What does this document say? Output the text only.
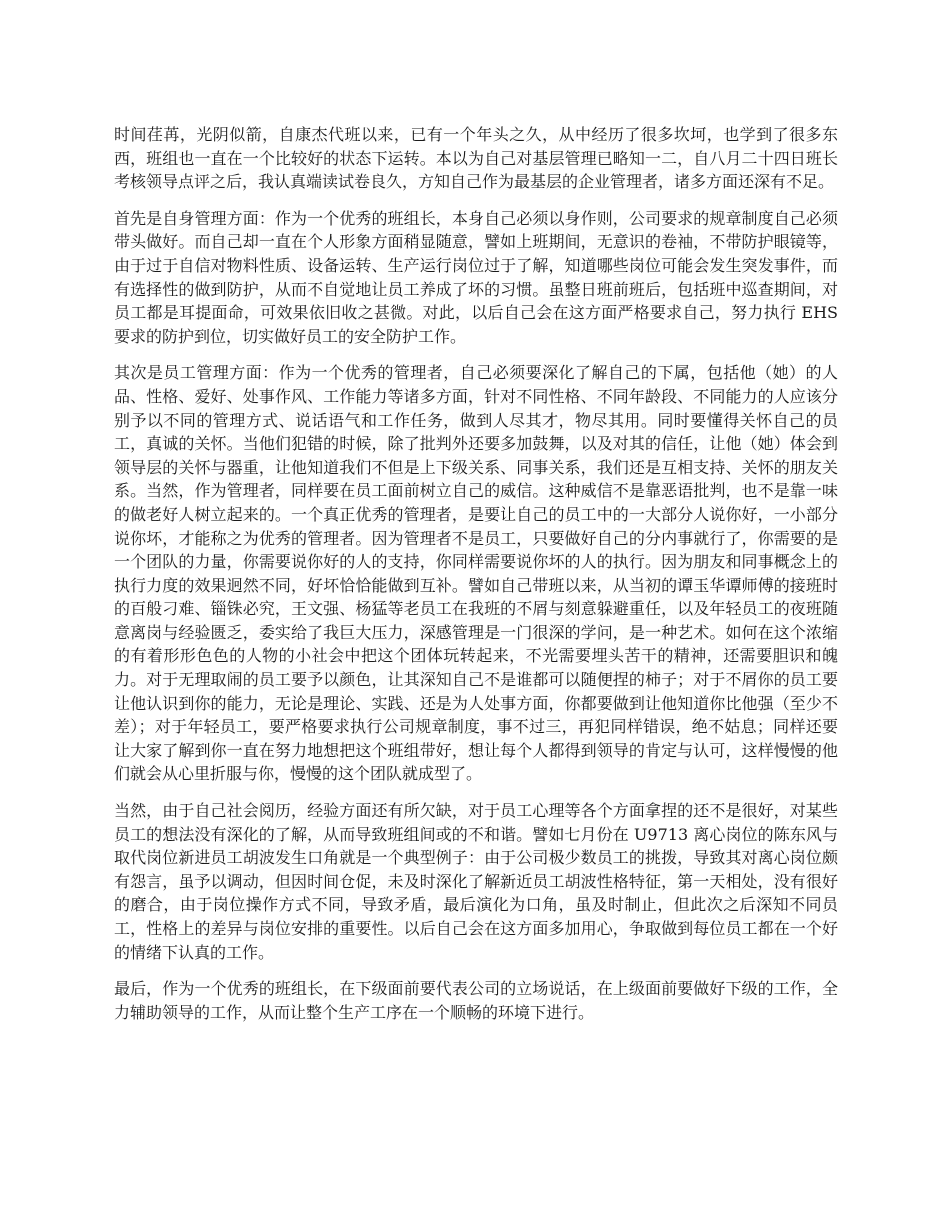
时间荏苒，光阴似箭，自康杰代班以来，已有一个年头之久，从中经历了很多坎坷，也学到了很多东西，班组也一直在一个比较好的状态下运转。本以为自己对基层管理已略知一二，自八月二十四日班长考核领导点评之后，我认真端读试卷良久，方知自己作为最基层的企业管理者，诸多方面还深有不足。

首先是自身管理方面：作为一个优秀的班组长，本身自己必须以身作则，公司要求的规章制度自己必须带头做好。而自己却一直在个人形象方面稍显随意，譬如上班期间，无意识的卷袖，不带防护眼镜等，由于过于自信对物料性质、设备运转、生产运行岗位过于了解，知道哪些岗位可能会发生突发事件，而有选择性的做到防护，从而不自觉地让员工养成了坏的习惯。虽整日班前班后，包括班中巡查期间，对员工都是耳提面命，可效果依旧收之甚微。对此，以后自己会在这方面严格要求自己，努力执行 EHS 要求的防护到位，切实做好员工的安全防护工作。

其次是员工管理方面：作为一个优秀的管理者，自己必须要深化了解自己的下属，包括他（她）的人品、性格、爱好、处事作风、工作能力等诸多方面，针对不同性格、不同年龄段、不同能力的人应该分别予以不同的管理方式、说话语气和工作任务，做到人尽其才，物尽其用。同时要懂得关怀自己的员工，真诚的关怀。当他们犯错的时候，除了批判外还要多加鼓舞，以及对其的信任，让他（她）体会到领导层的关怀与器重，让他知道我们不但是上下级关系、同事关系，我们还是互相支持、关怀的朋友关系。当然，作为管理者，同样要在员工面前树立自己的威信。这种威信不是靠恶语批判，也不是靠一味的做老好人树立起来的。一个真正优秀的管理者，是要让自己的员工中的一大部分人说你好，一小部分说你坏，才能称之为优秀的管理者。因为管理者不是员工，只要做好自己的分内事就行了，你需要的是一个团队的力量，你需要说你好的人的支持，你同样需要说你坏的人的执行。因为朋友和同事概念上的执行力度的效果迥然不同，好坏恰恰能做到互补。譬如自己带班以来，从当初的谭玉华谭师傅的接班时的百般刁难、锱铢必究，王文强、杨猛等老员工在我班的不屑与刻意躲避重任，以及年轻员工的夜班随意离岗与经验匮乏，委实给了我巨大压力，深感管理是一门很深的学问，是一种艺术。如何在这个浓缩的有着形形色色的人物的小社会中把这个团体玩转起来，不光需要埋头苦干的精神，还需要胆识和魄力。对于无理取闹的员工要予以颜色，让其深知自己不是谁都可以随便捏的柿子；对于不屑你的员工要让他认识到你的能力，无论是理论、实践、还是为人处事方面，你都要做到让他知道你比他强（至少不差）；对于年轻员工，要严格要求执行公司规章制度，事不过三，再犯同样错误，绝不姑息；同样还要让大家了解到你一直在努力地想把这个班组带好，想让每个人都得到领导的肯定与认可，这样慢慢的他们就会从心里折服与你，慢慢的这个团队就成型了。

当然，由于自己社会阅历，经验方面还有所欠缺，对于员工心理等各个方面拿捏的还不是很好，对某些员工的想法没有深化的了解，从而导致班组间或的不和谐。譬如七月份在 U9713 离心岗位的陈东风与取代岗位新进员工胡波发生口角就是一个典型例子：由于公司极少数员工的挑拨，导致其对离心岗位颇有怨言，虽予以调动，但因时间仓促，未及时深化了解新近员工胡波性格特征，第一天相处，没有很好的磨合，由于岗位操作方式不同，导致矛盾，最后演化为口角，虽及时制止，但此次之后深知不同员工，性格上的差异与岗位安排的重要性。以后自己会在这方面多加用心，争取做到每位员工都在一个好的情绪下认真的工作。

最后，作为一个优秀的班组长，在下级面前要代表公司的立场说话，在上级面前要做好下级的工作，全力辅助领导的工作，从而让整个生产工序在一个顺畅的环境下进行。
